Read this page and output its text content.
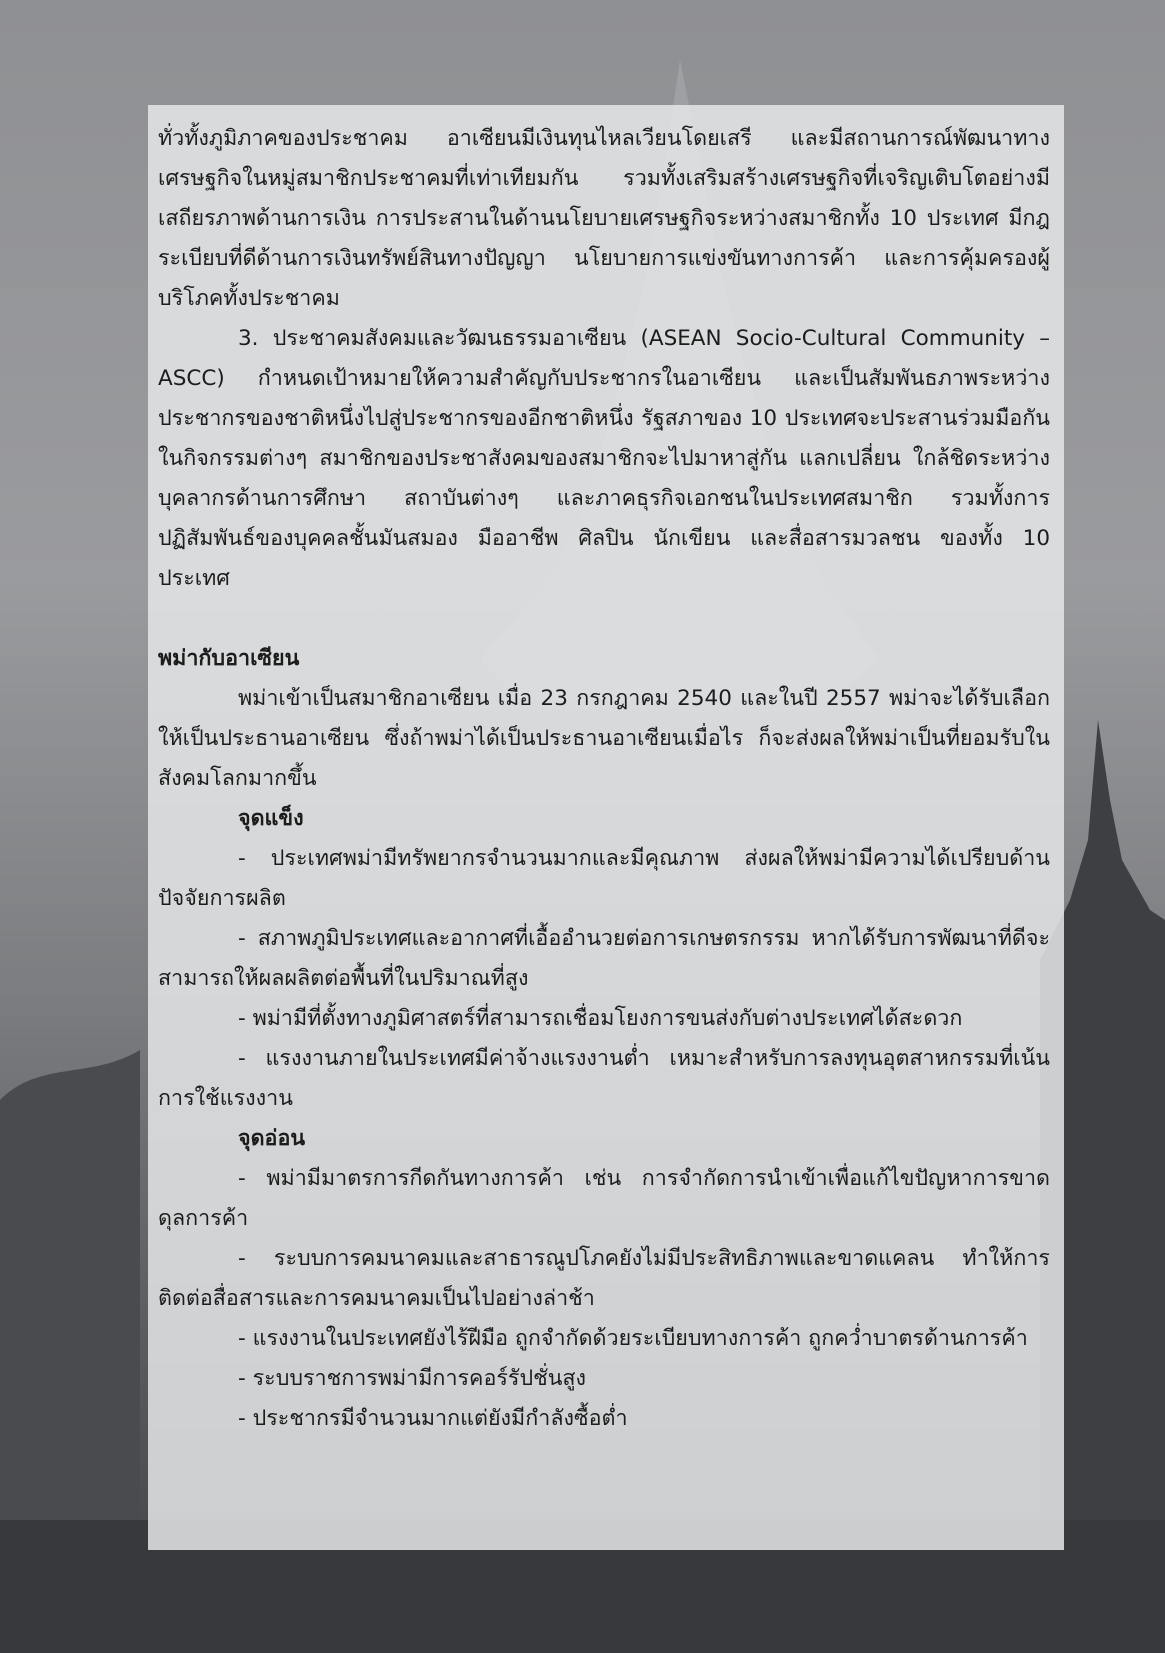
ทั่วทั้งภูมิภาคของประชาคม อาเซียนมีเงินทุนไหลเวียนโดยเสรี และมีสถานการณ์พัฒนาทางเศรษฐกิจในหมู่สมาชิกประชาคมที่เท่าเทียมกัน รวมทั้งเสริมสร้างเศรษฐกิจที่เจริญเติบโตอย่างมีเสถียรภาพด้านการเงิน การประสานในด้านนโยบายเศรษฐกิจระหว่างสมาชิกทั้ง 10 ประเทศ มีกฎระเบียบที่ดีด้านการเงินทรัพย์สินทางปัญญา นโยบายการแข่งขันทางการค้า และการคุ้มครองผู้บริโภคทั้งประชาคม

3. ประชาคมสังคมและวัฒนธรรมอาเซียน (ASEAN Socio-Cultural Community – ASCC) กำหนดเป้าหมายให้ความสำคัญกับประชากรในอาเซียน และเป็นสัมพันธภาพระหว่างประชากรของชาติหนึ่งไปสู่ประชากรของอีกชาติหนึ่ง รัฐสภาของ 10 ประเทศจะประสานร่วมมือกัน ในกิจกรรมต่างๆ สมาชิกของประชาสังคมของสมาชิกจะไปมาหาสู่กัน แลกเปลี่ยน ใกล้ชิดระหว่างบุคลากรด้านการศึกษา สถาบันต่างๆ และภาคธุรกิจเอกชนในประเทศสมาชิก รวมทั้งการปฏิสัมพันธ์ของบุคคลชั้นมันสมอง มืออาชีพ ศิลปิน นักเขียน และสื่อสารมวลชน ของทั้ง 10 ประเทศ

พม่ากับอาเซียน

พม่าเข้าเป็นสมาชิกอาเซียน เมื่อ 23 กรกฎาคม 2540 และในปี 2557 พม่าจะได้รับเลือกให้เป็นประธานอาเซียน ซึ่งถ้าพม่าได้เป็นประธานอาเซียนเมื่อไร ก็จะส่งผลให้พม่าเป็นที่ยอมรับในสังคมโลกมากขึ้น

จุดแข็ง

- ประเทศพม่ามีทรัพยากรจำนวนมากและมีคุณภาพ ส่งผลให้พม่ามีความได้เปรียบด้านปัจจัยการผลิต

- สภาพภูมิประเทศและอากาศที่เอื้ออำนวยต่อการเกษตรกรรม หากได้รับการพัฒนาที่ดีจะสามารถให้ผลผลิตต่อพื้นที่ในปริมาณที่สูง

- พม่ามีที่ตั้งทางภูมิศาสตร์ที่สามารถเชื่อมโยงการขนส่งกับต่างประเทศได้สะดวก

- แรงงานภายในประเทศมีค่าจ้างแรงงานต่ำ เหมาะสำหรับการลงทุนอุตสาหกรรมที่เน้นการใช้แรงงาน

จุดอ่อน

- พม่ามีมาตรการกีดกันทางการค้า เช่น การจำกัดการนำเข้าเพื่อแก้ไขปัญหาการขาดดุลการค้า

- ระบบการคมนาคมและสาธารณูปโภคยังไม่มีประสิทธิภาพและขาดแคลน ทำให้การติดต่อสื่อสารและการคมนาคมเป็นไปอย่างล่าช้า

- แรงงานในประเทศยังไร้ฝีมือ ถูกจำกัดด้วยระเบียบทางการค้า ถูกคว่ำบาตรด้านการค้า

- ระบบราชการพม่ามีการคอร์รัปชั่นสูง

- ประชากรมีจำนวนมากแต่ยังมีกำลังซื้อต่ำ
